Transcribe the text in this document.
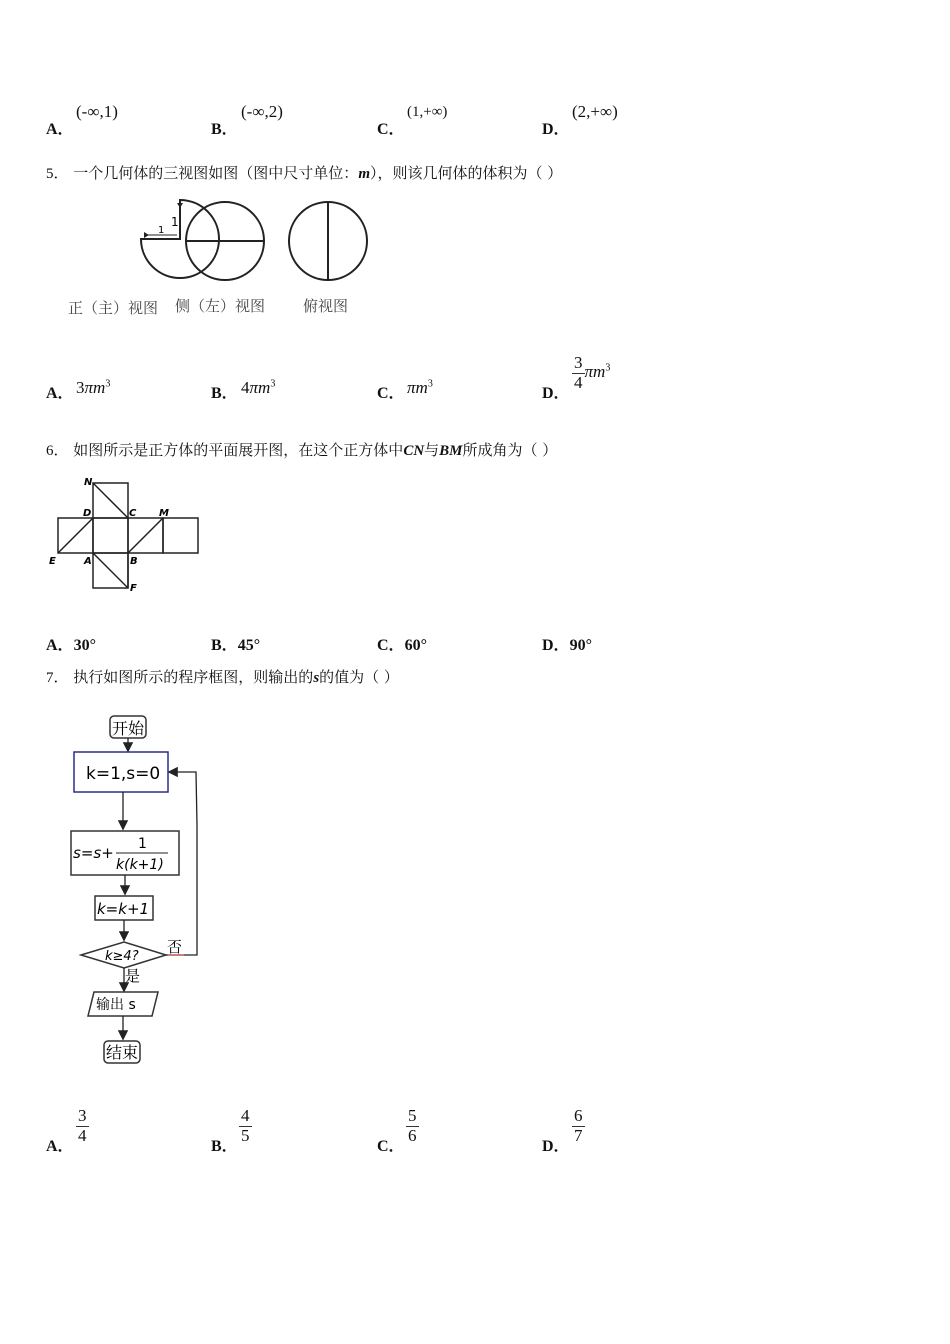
A．
(-∞,1)
B．
(-∞,2)
C．
(1,+∞)
D．
(2,+∞)
5． 一个几何体的三视图如图（图中尺寸单位：m），则该几何体的体积为（ ）
1
1
正（主）视图 侧（左）视图	俯视图
A． $3\pi m^3$
B． $4\pi m^3$
C． $\pi m^3$
D．
$\frac{3}{4} \pi m^3$
6． 如图所示是正方体的平面展开图，在这个正方体中CN与BM所成角为（ ）
N
D	C M
E	A	B
F
A．30°	B．45°	C．60°	D．90°
7． 执行如图所示的程序框图，则输出的s的值为（ ）
开始
k=1,s=0
s=s+ 1
k(k+1)
k=k+1
k≥4?
否
是
输出 s
结束
A．
$\frac{3}{4}$
B．
$\frac{4}{5}$
C．
$\frac{5}{6}$
D．
$\frac{6}{7}$
